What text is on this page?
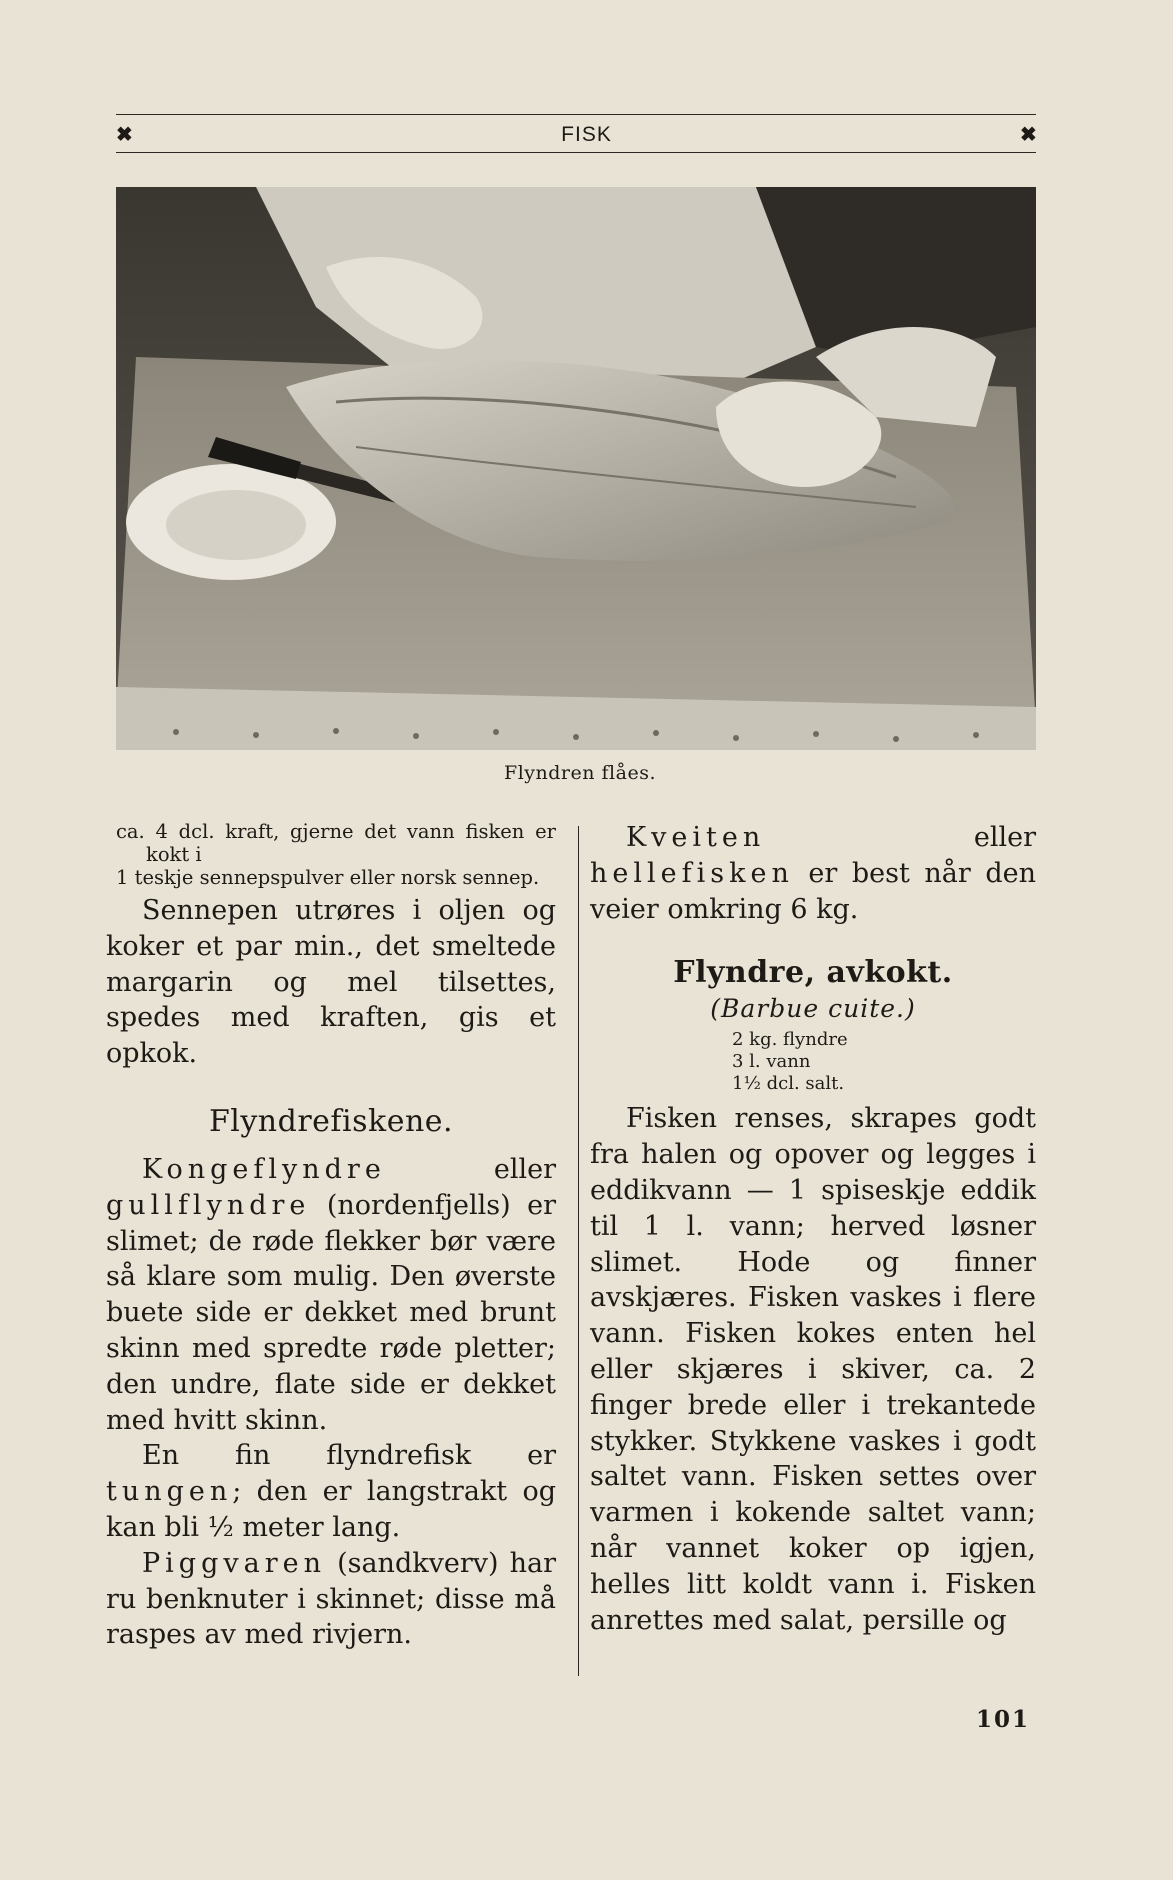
✖	FISK	✖
Flyndren flåes.

ca. 4 dcl. kraft, gjerne det vann fisken er kokt i

1 teskje sennepspulver eller norsk sennep.

Sennepen utrøres i oljen og koker et par min., det smeltede margarin og mel tilsettes, spedes med kraften, gis et opkok.

Flyndrefiskene.

Kongeflyndre eller gullflyndre (nordenfjells) er slimet; de røde flekker bør være så klare som mulig. Den øverste buete side er dekket med brunt skinn med spredte røde pletter; den undre, flate side er dekket med hvitt skinn.

En fin flyndrefisk er tungen; den er langstrakt og kan bli ½ meter lang.

Piggvaren (sandkverv) har ru benknuter i skinnet; disse må raspes av med rivjern.

Kveiten eller hellefisken er best når den veier omkring 6 kg.

Flyndre, avkokt.

(Barbue cuite.)

2 kg. flyndre

3 l. vann

1½ dcl. salt.

Fisken renses, skrapes godt fra halen og opover og legges i eddikvann — 1 spiseskje eddik til 1 l. vann; herved løsner slimet. Hode og finner avskjæres. Fisken vaskes i flere vann. Fisken kokes enten hel eller skjæres i skiver, ca. 2 finger brede eller i trekantede stykker. Stykkene vaskes i godt saltet vann. Fisken settes over varmen i kokende saltet vann; når vannet koker op igjen, helles litt koldt vann i. Fisken anrettes med salat, persille og

101
